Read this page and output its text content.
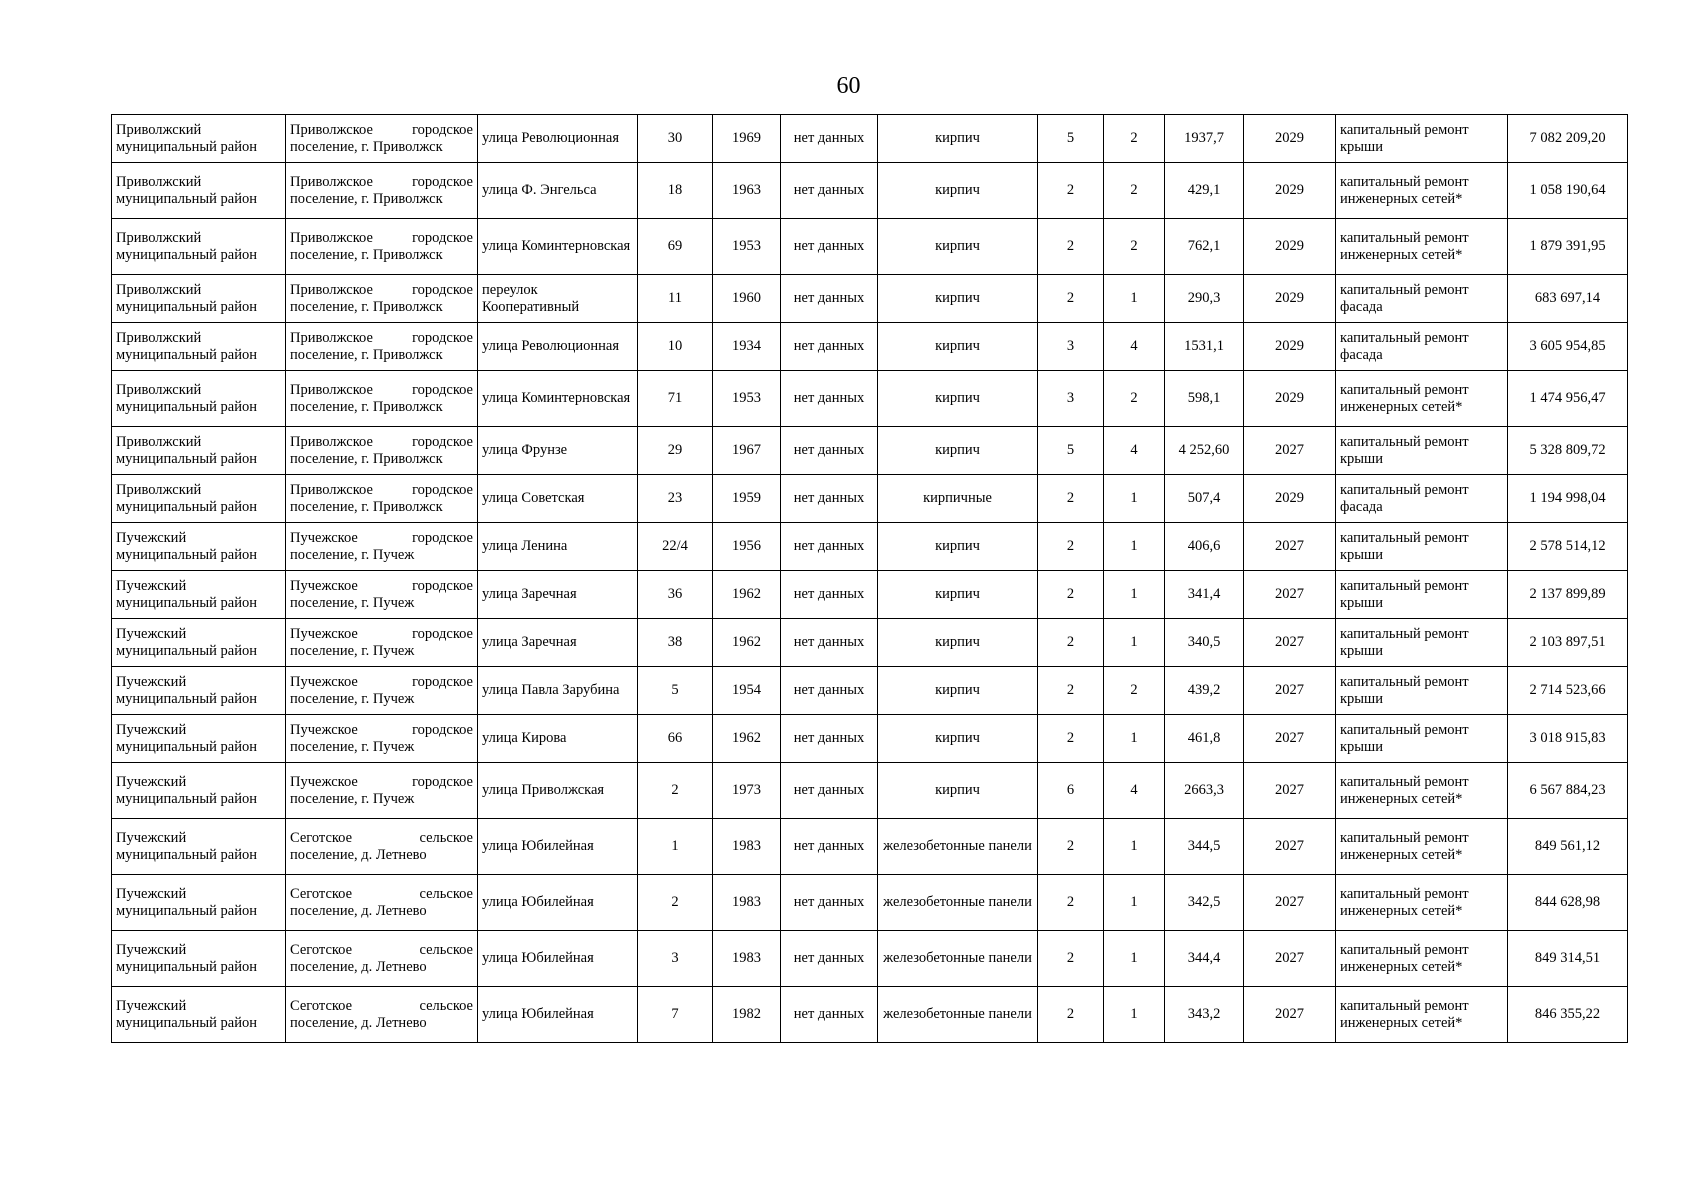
60
Приволжский муниципальный район	Приволжское городское поселение, г. Приволжск	улица Революционная	30	1969	нет данных	кирпич	5	2	1937,7	2029	капитальный ремонт крыши	7 082 209,20
Приволжский муниципальный район	Приволжское городское поселение, г. Приволжск	улица Ф. Энгельса	18	1963	нет данных	кирпич	2	2	429,1	2029	капитальный ремонт инженерных сетей*	1 058 190,64
Приволжский муниципальный район	Приволжское городское поселение, г. Приволжск	улица Коминтерновская	69	1953	нет данных	кирпич	2	2	762,1	2029	капитальный ремонт инженерных сетей*	1 879 391,95
Приволжский муниципальный район	Приволжское городское поселение, г. Приволжск	переулок Кооперативный	11	1960	нет данных	кирпич	2	1	290,3	2029	капитальный ремонт фасада	683 697,14
Приволжский муниципальный район	Приволжское городское поселение, г. Приволжск	улица Революционная	10	1934	нет данных	кирпич	3	4	1531,1	2029	капитальный ремонт фасада	3 605 954,85
Приволжский муниципальный район	Приволжское городское поселение, г. Приволжск	улица Коминтерновская	71	1953	нет данных	кирпич	3	2	598,1	2029	капитальный ремонт инженерных сетей*	1 474 956,47
Приволжский муниципальный район	Приволжское городское поселение, г. Приволжск	улица Фрунзе	29	1967	нет данных	кирпич	5	4	4 252,60	2027	капитальный ремонт крыши	5 328 809,72
Приволжский муниципальный район	Приволжское городское поселение, г. Приволжск	улица Советская	23	1959	нет данных	кирпичные	2	1	507,4	2029	капитальный ремонт фасада	1 194 998,04
Пучежский муниципальный район	Пучежское городское поселение, г. Пучеж	улица Ленина	22/4	1956	нет данных	кирпич	2	1	406,6	2027	капитальный ремонт крыши	2 578 514,12
Пучежский муниципальный район	Пучежское городское поселение, г. Пучеж	улица Заречная	36	1962	нет данных	кирпич	2	1	341,4	2027	капитальный ремонт крыши	2 137 899,89
Пучежский муниципальный район	Пучежское городское поселение, г. Пучеж	улица Заречная	38	1962	нет данных	кирпич	2	1	340,5	2027	капитальный ремонт крыши	2 103 897,51
Пучежский муниципальный район	Пучежское городское поселение, г. Пучеж	улица Павла Зарубина	5	1954	нет данных	кирпич	2	2	439,2	2027	капитальный ремонт крыши	2 714 523,66
Пучежский муниципальный район	Пучежское городское поселение, г. Пучеж	улица Кирова	66	1962	нет данных	кирпич	2	1	461,8	2027	капитальный ремонт крыши	3 018 915,83
Пучежский муниципальный район	Пучежское городское поселение, г. Пучеж	улица Приволжская	2	1973	нет данных	кирпич	6	4	2663,3	2027	капитальный ремонт инженерных сетей*	6 567 884,23
Пучежский муниципальный район	Сеготское сельское поселение, д. Летнево	улица Юбилейная	1	1983	нет данных	железобетонные панели	2	1	344,5	2027	капитальный ремонт инженерных сетей*	849 561,12
Пучежский муниципальный район	Сеготское сельское поселение, д. Летнево	улица Юбилейная	2	1983	нет данных	железобетонные панели	2	1	342,5	2027	капитальный ремонт инженерных сетей*	844 628,98
Пучежский муниципальный район	Сеготское сельское поселение, д. Летнево	улица Юбилейная	3	1983	нет данных	железобетонные панели	2	1	344,4	2027	капитальный ремонт инженерных сетей*	849 314,51
Пучежский муниципальный район	Сеготское сельское поселение, д. Летнево	улица Юбилейная	7	1982	нет данных	железобетонные панели	2	1	343,2	2027	капитальный ремонт инженерных сетей*	846 355,22
